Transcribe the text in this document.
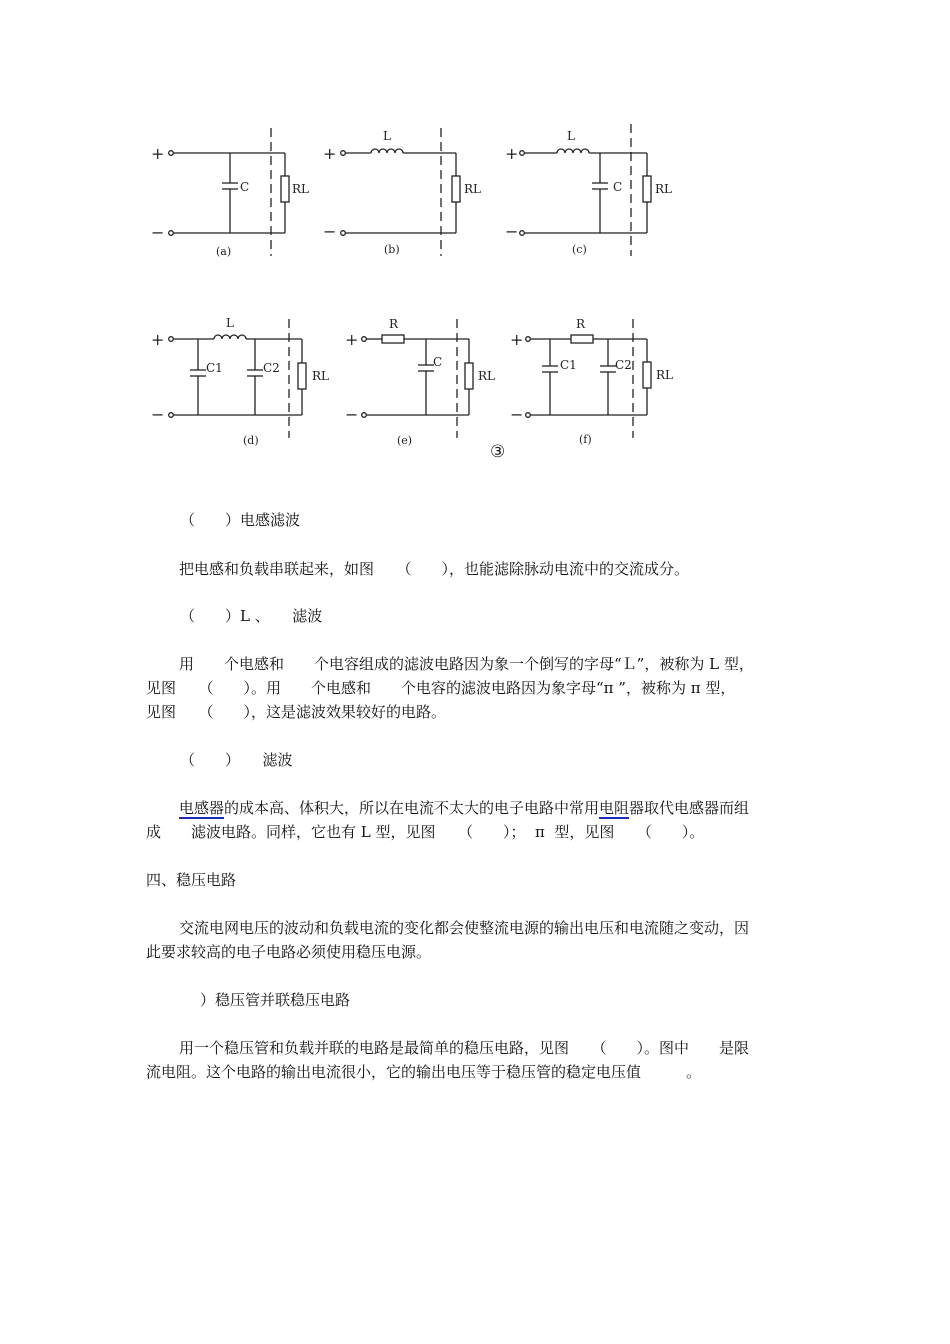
+
−
C	RL
(a)
+
−
L
RL
(b)
+
−
L
C	RL
(c)
+
−
L
C1	C2
RL
(d)
+
−
R
C
RL
(e)
③
+
−
R
C1	C2
RL
(f)

（　　）电感滤波

把电感和负载串联起来，如图　　（　　），也能滤除脉动电流中的交流成分。

（　　）L 、　　滤波

用　　个电感和　　个电容组成的滤波电路因为象一个倒写的字母“Ｌ”，被称为 L 型，

见图　　（　　）。用　　个电感和　　个电容的滤波电路因为象字母“π ”，被称为 π 型，

见图　　（　　），这是滤波效果较好的电路。

（　　）　　滤波

电感器的成本高、体积大，所以在电流不太大的电子电路中常用电阻器取代电感器而组

成　　滤波电路。同样，它也有 L 型，见图　　（　　）；  π  型，见图　　（　　）。

四、稳压电路

交流电网电压的波动和负载电流的变化都会使整流电源的输出电压和电流随之变动，因

此要求较高的电子电路必须使用稳压电源。

）稳压管并联稳压电路

用一个稳压管和负载并联的电路是最简单的稳压电路，见图　　（　　）。图中　　是限

流电阻。这个电路的输出电流很小，它的输出电压等于稳压管的稳定电压值　　　。
